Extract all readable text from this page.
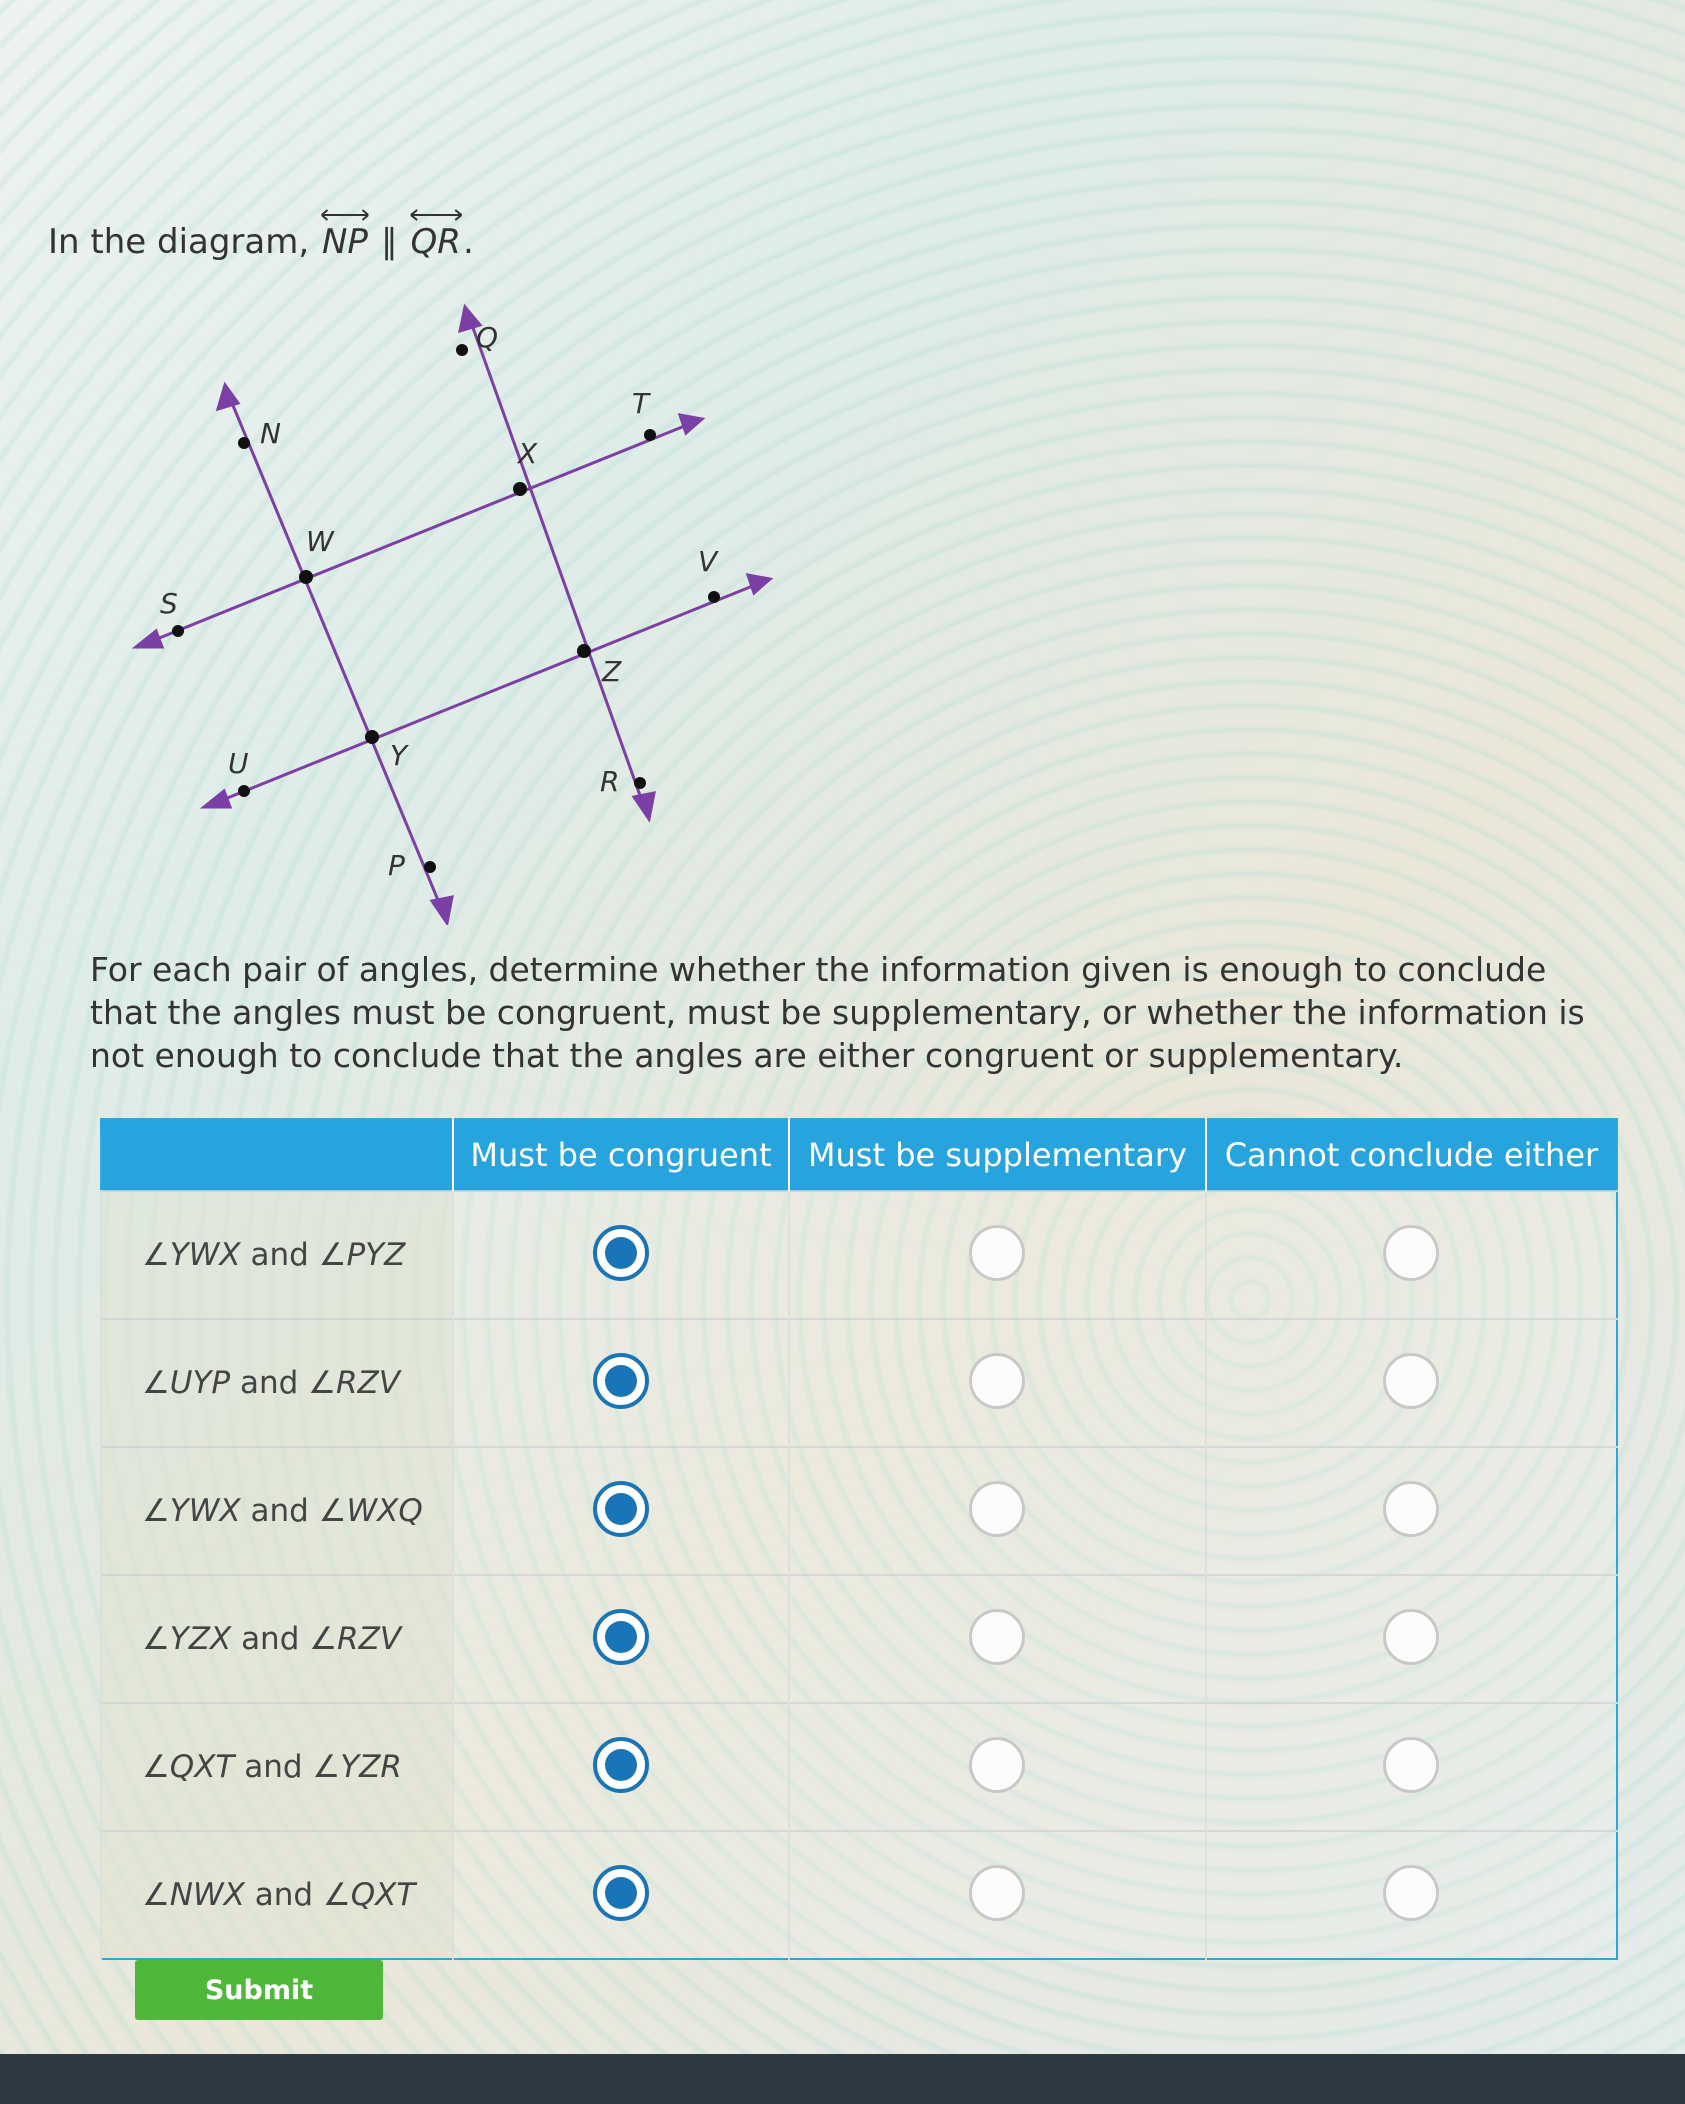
In the diagram,
NP ∥
QR.
Q
N
T
X
W
V
S
Z
U	Y
R
P
For each pair of angles, determine whether the information given is enough to conclude that the angles must be congruent, must be supplementary, or whether the information is not enough to conclude that the angles are either congruent or supplementary.
	Must be congruent	Must be supplementary	Cannot conclude either
∠YWX and ∠PYZ			
∠UYP and ∠RZV			
∠YWX and ∠WXQ			
∠YZX and ∠RZV			
∠QXT and ∠YZR			
∠NWX and ∠QXT			
Submit
